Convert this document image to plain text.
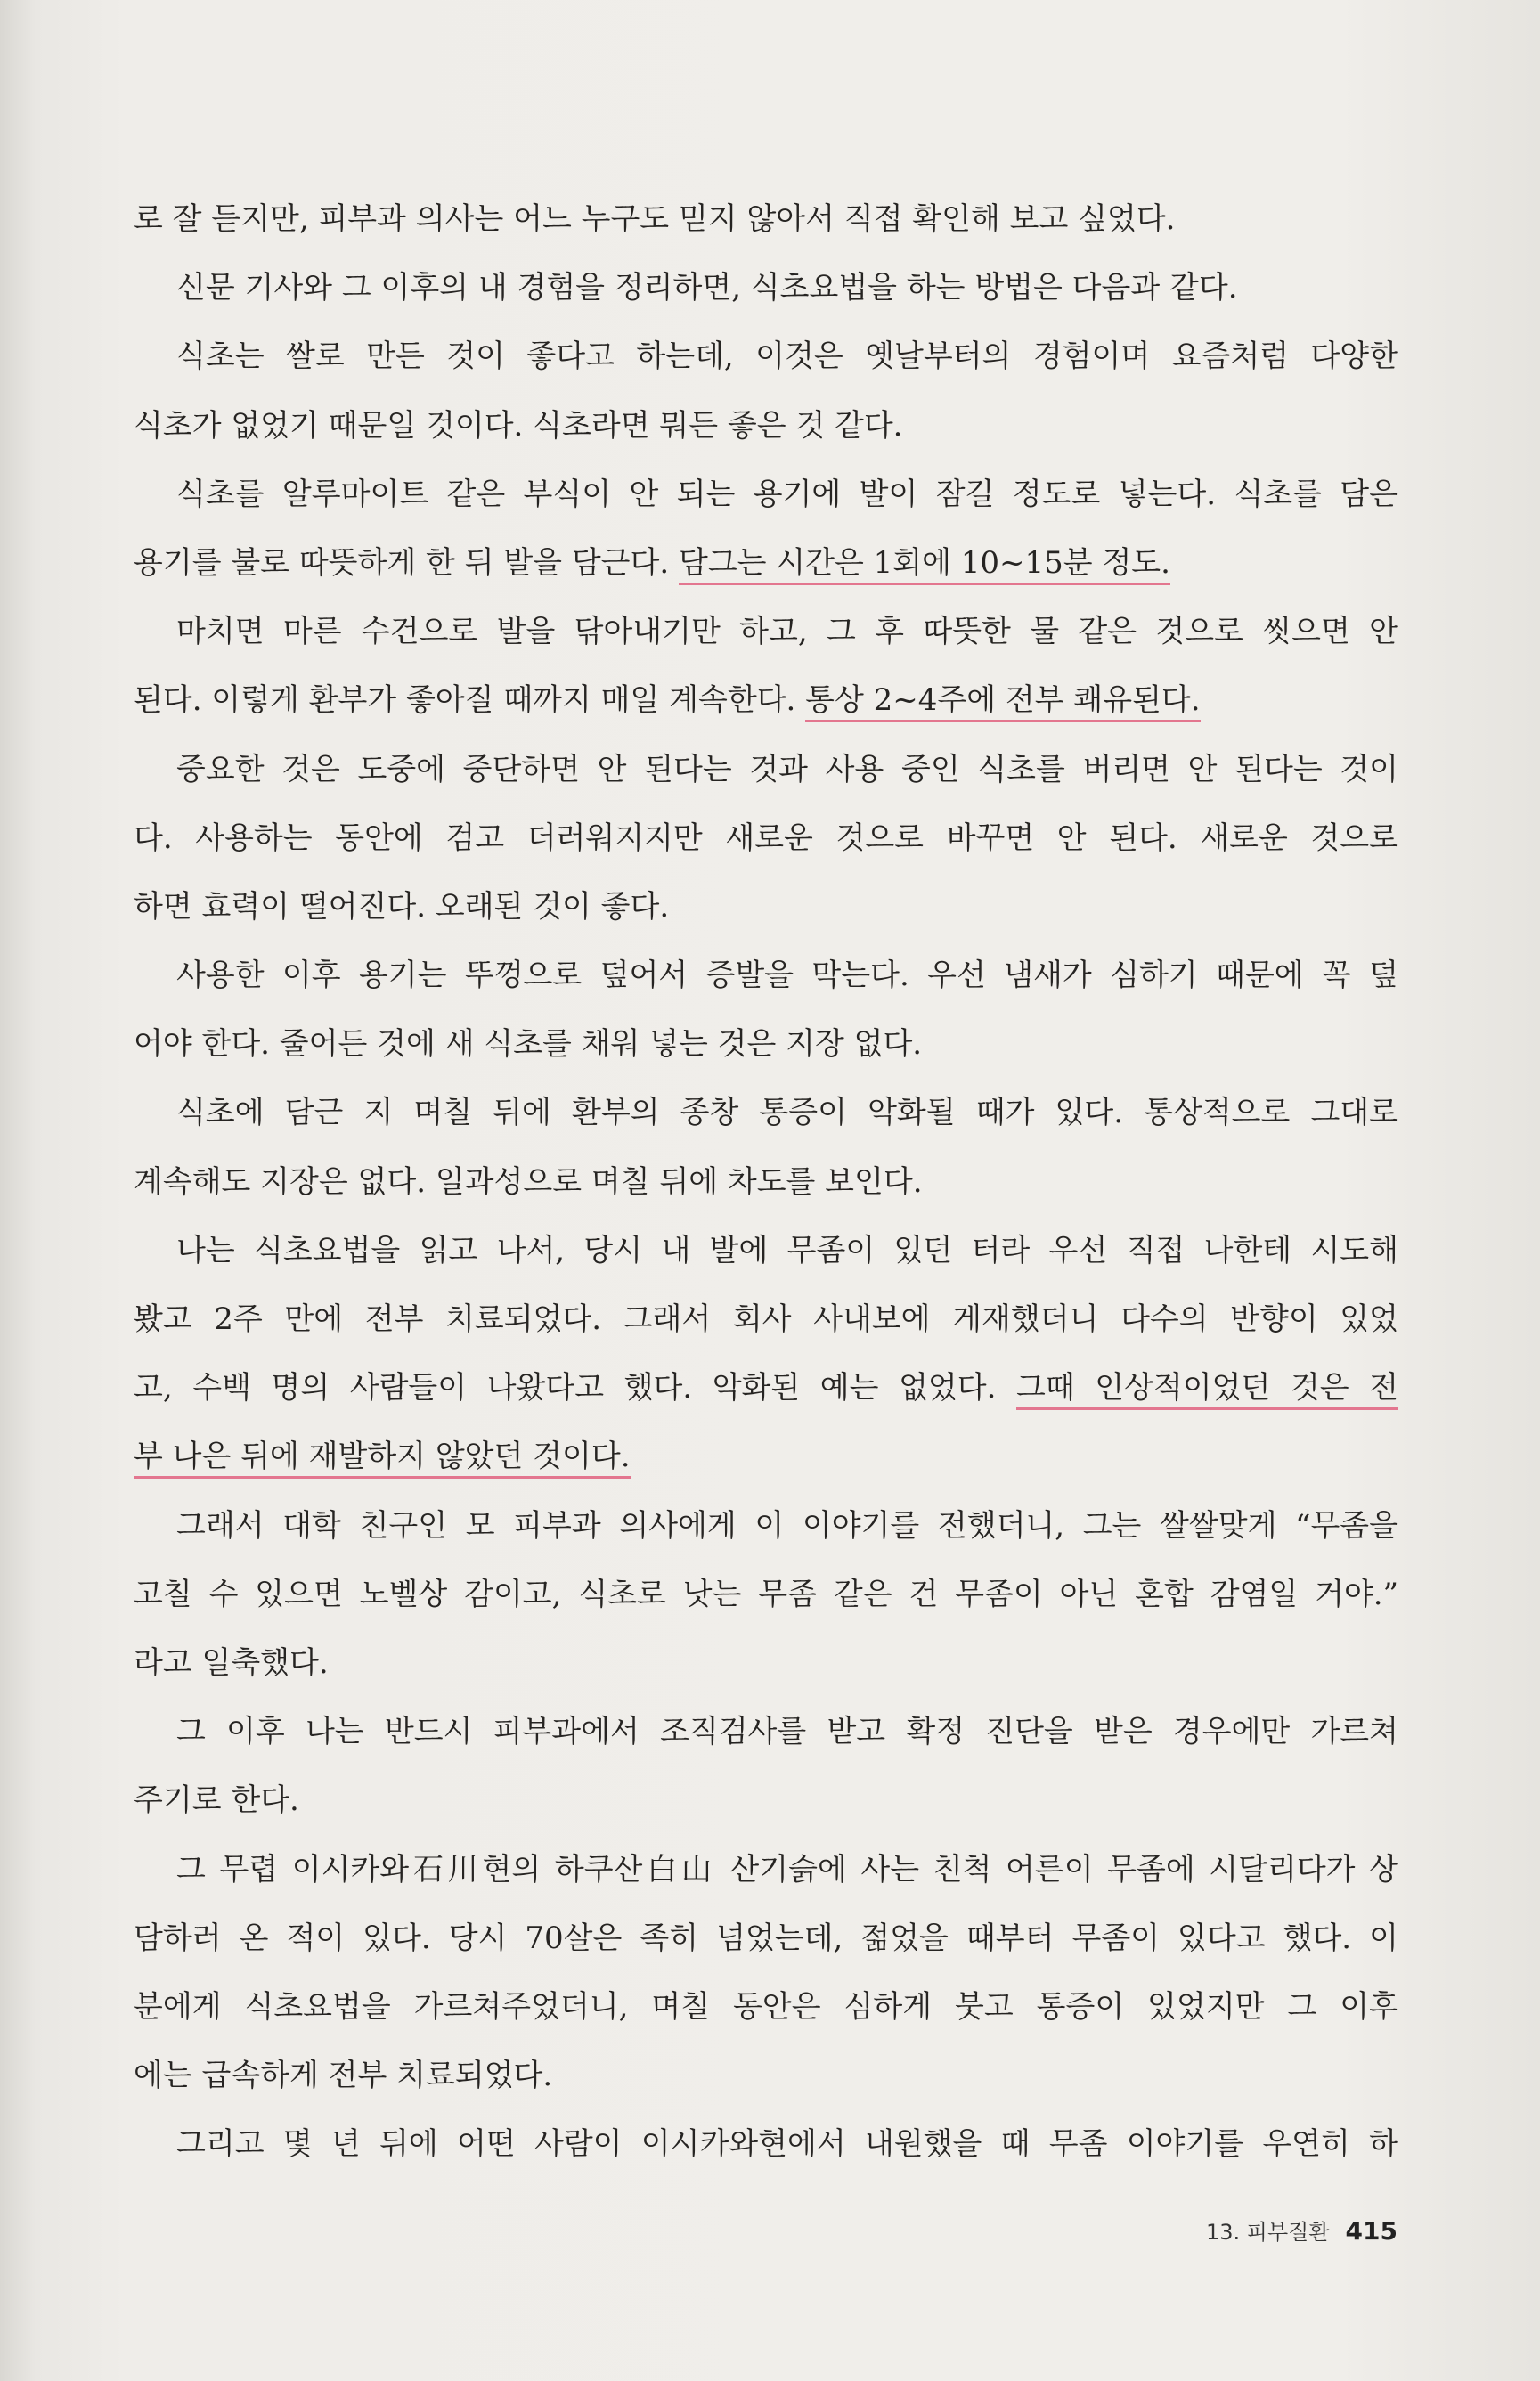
로 잘 듣지만, 피부과 의사는 어느 누구도 믿지 않아서 직접 확인해 보고 싶었다.
신문 기사와 그 이후의 내 경험을 정리하면, 식초요법을 하는 방법은 다음과 같다.
식초는 쌀로 만든 것이 좋다고 하는데, 이것은 옛날부터의 경험이며 요즘처럼 다양한
식초가 없었기 때문일 것이다. 식초라면 뭐든 좋은 것 같다.
식초를 알루마이트 같은 부식이 안 되는 용기에 발이 잠길 정도로 넣는다. 식초를 담은
용기를 불로 따뜻하게 한 뒤 발을 담근다. 담그는 시간은 1회에 10~15분 정도.
마치면 마른 수건으로 발을 닦아내기만 하고, 그 후 따뜻한 물 같은 것으로 씻으면 안
된다. 이렇게 환부가 좋아질 때까지 매일 계속한다. 통상 2~4주에 전부 쾌유된다.
중요한 것은 도중에 중단하면 안 된다는 것과 사용 중인 식초를 버리면 안 된다는 것이
다. 사용하는 동안에 검고 더러워지지만 새로운 것으로 바꾸면 안 된다. 새로운 것으로
하면 효력이 떨어진다. 오래된 것이 좋다.
사용한 이후 용기는 뚜껑으로 덮어서 증발을 막는다. 우선 냄새가 심하기 때문에 꼭 덮
어야 한다. 줄어든 것에 새 식초를 채워 넣는 것은 지장 없다.
식초에 담근 지 며칠 뒤에 환부의 종창 통증이 악화될 때가 있다. 통상적으로 그대로
계속해도 지장은 없다. 일과성으로 며칠 뒤에 차도를 보인다.
나는 식초요법을 읽고 나서, 당시 내 발에 무좀이 있던 터라 우선 직접 나한테 시도해
봤고 2주 만에 전부 치료되었다. 그래서 회사 사내보에 게재했더니 다수의 반향이 있었
고, 수백 명의 사람들이 나왔다고 했다. 악화된 예는 없었다. 그때 인상적이었던 것은 전
부 나은 뒤에 재발하지 않았던 것이다.
그래서 대학 친구인 모 피부과 의사에게 이 이야기를 전했더니, 그는 쌀쌀맞게 “무좀을
고칠 수 있으면 노벨상 감이고, 식초로 낫는 무좀 같은 건 무좀이 아닌 혼합 감염일 거야.”
라고 일축했다.
그 이후 나는 반드시 피부과에서 조직검사를 받고 확정 진단을 받은 경우에만 가르쳐
주기로 한다.
그 무렵 이시카와石川현의 하쿠산白山 산기슭에 사는 친척 어른이 무좀에 시달리다가 상
담하러 온 적이 있다. 당시 70살은 족히 넘었는데, 젊었을 때부터 무좀이 있다고 했다. 이
분에게 식초요법을 가르쳐주었더니, 며칠 동안은 심하게 붓고 통증이 있었지만 그 이후
에는 급속하게 전부 치료되었다.
그리고 몇 년 뒤에 어떤 사람이 이시카와현에서 내원했을 때 무좀 이야기를 우연히 하
13. 피부질환 415
